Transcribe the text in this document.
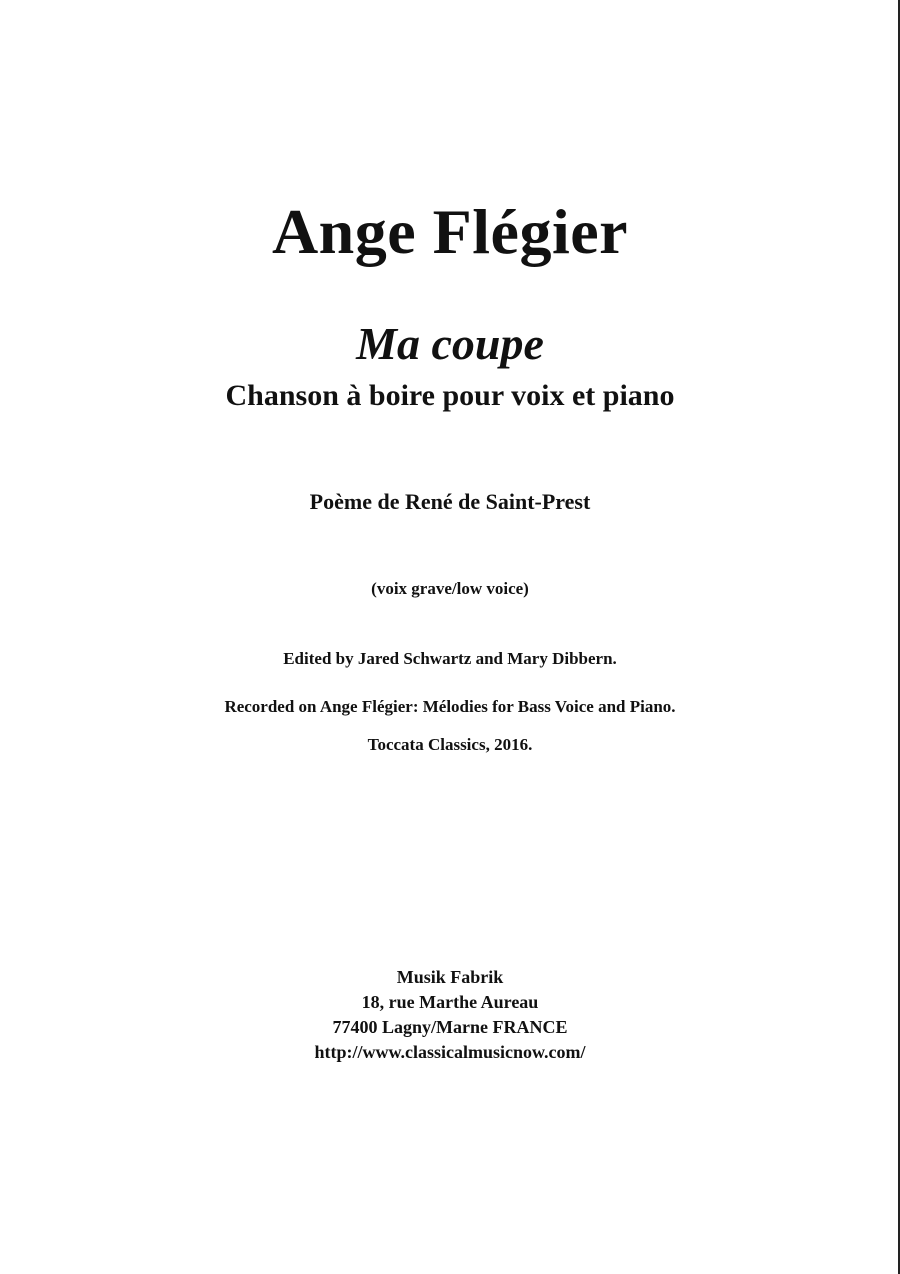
Ange Flégier
Ma coupe
Chanson à boire pour voix et piano
Poème de René de Saint-Prest
(voix grave/low voice)
Edited by Jared Schwartz and Mary Dibbern.
Recorded on Ange Flégier: Mélodies for Bass Voice and Piano.
Toccata Classics, 2016.
Musik Fabrik
18, rue Marthe Aureau
77400 Lagny/Marne FRANCE
http://www.classicalmusicnow.com/
